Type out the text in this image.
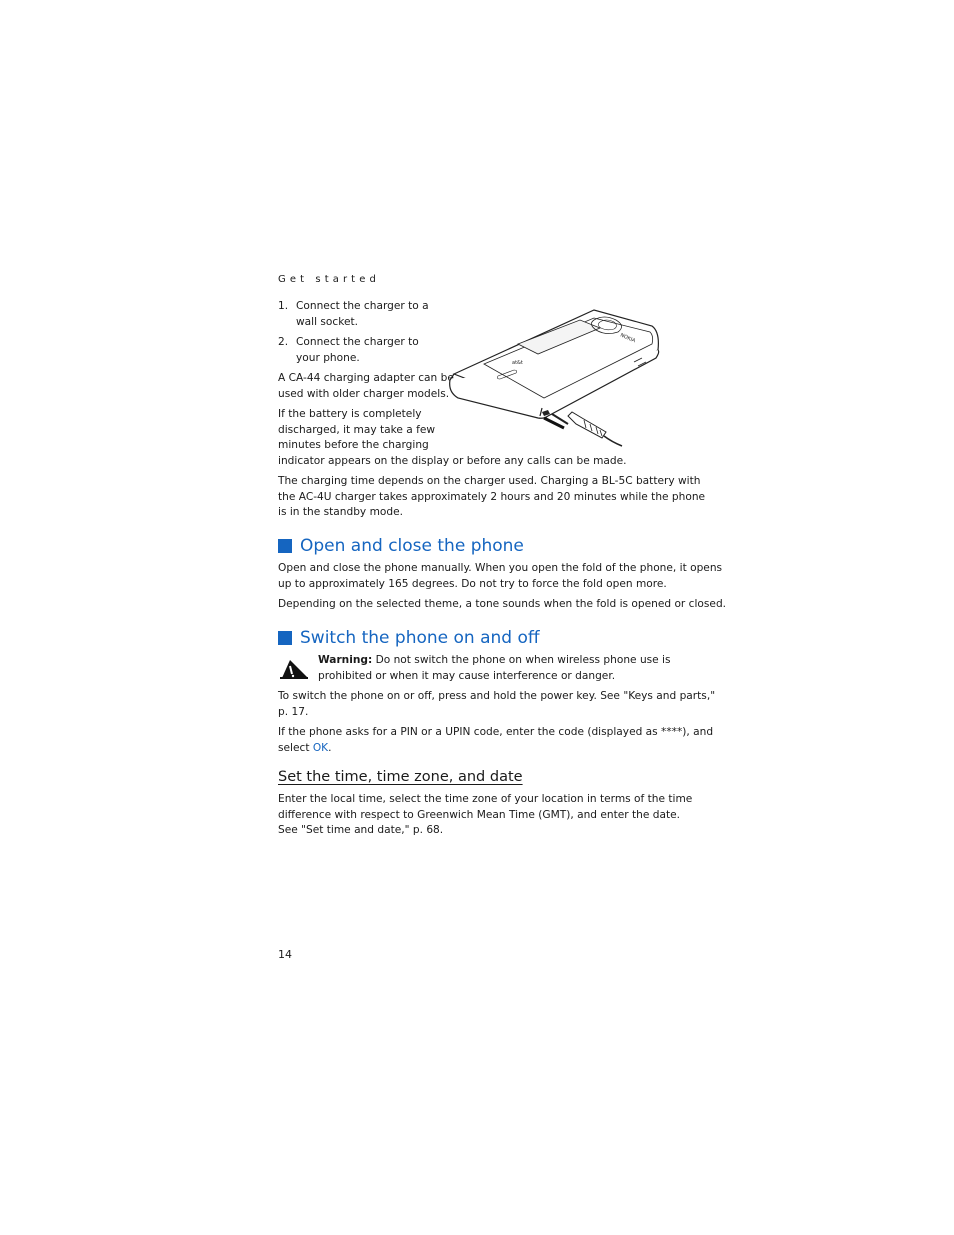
Get started
1. Connect the charger to a
wall socket.
2. Connect the charger to
your phone.
A CA-44 charging adapter can be
used with older charger models.
If the battery is completely
discharged, it may take a few
minutes before the charging
indicator appears on the display or before any calls can be made.
The charging time depends on the charger used. Charging a BL-5C battery with
the AC-4U charger takes approximately 2 hours and 20 minutes while the phone
is in the standby mode.
NOKIA
at&t
Open and close the phone
Open and close the phone manually. When you open the fold of the phone, it opens
up to approximately 165 degrees. Do not try to force the fold open more.
Depending on the selected theme, a tone sounds when the fold is opened or closed.
Switch the phone on and off
Warning: Do not switch the phone on when wireless phone use is
prohibited or when it may cause interference or danger.
To switch the phone on or off, press and hold the power key. See "Keys and parts,"
p. 17.
If the phone asks for a PIN or a UPIN code, enter the code (displayed as ****), and
select OK.
Set the time, time zone, and date
Enter the local time, select the time zone of your location in terms of the time
difference with respect to Greenwich Mean Time (GMT), and enter the date.
See "Set time and date," p. 68.
14
